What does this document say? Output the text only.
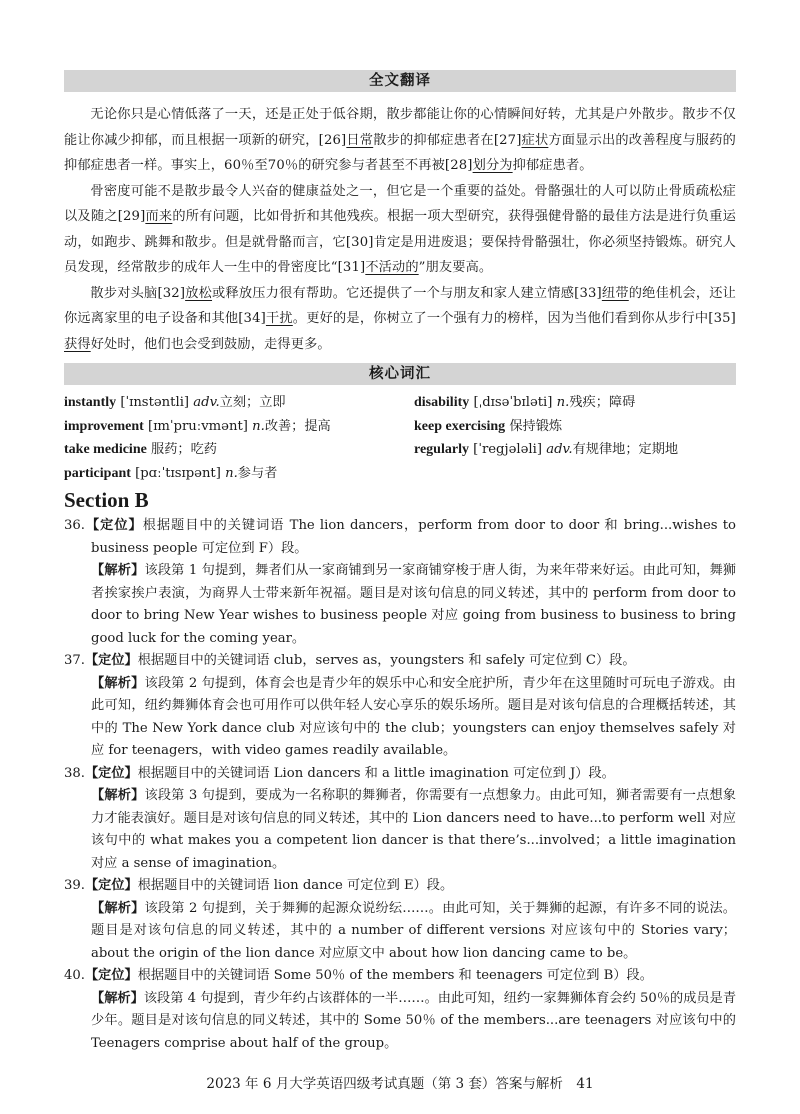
全文翻译

无论你只是心情低落了一天，还是正处于低谷期，散步都能让你的心情瞬间好转，尤其是户外散步。散步不仅能让你减少抑郁，而且根据一项新的研究，[26]日常散步的抑郁症患者在[27]症状方面显示出的改善程度与服药的抑郁症患者一样。事实上，60％至70％的研究参与者甚至不再被[28]划分为抑郁症患者。

骨密度可能不是散步最令人兴奋的健康益处之一，但它是一个重要的益处。骨骼强壮的人可以防止骨质疏松症以及随之[29]而来的所有问题，比如骨折和其他残疾。根据一项大型研究，获得强健骨骼的最佳方法是进行负重运动，如跑步、跳舞和散步。但是就骨骼而言，它[30]肯定是用进废退；要保持骨骼强壮，你必须坚持锻炼。研究人员发现，经常散步的成年人一生中的骨密度比“[31]不活动的”朋友要高。

散步对头脑[32]放松或释放压力很有帮助。它还提供了一个与朋友和家人建立情感[33]纽带的绝佳机会，还让你远离家里的电子设备和其他[34]干扰。更好的是，你树立了一个强有力的榜样，因为当他们看到你从步行中[35]获得好处时，他们也会受到鼓励，走得更多。

核心词汇
instantly [ˈɪnstəntli] adv.立刻；立即
improvement [ɪmˈpruːvmənt] n.改善；提高
take medicine 服药；吃药
participant [pɑːˈtɪsɪpənt] n.参与者
disability [ˌdɪsəˈbɪləti] n.残疾；障碍
keep exercising 保持锻炼
regularly [ˈregjələli] adv.有规律地；定期地
Section B
36.【定位】根据题目中的关键词语 The lion dancers，perform from door to door 和 bring...wishes to business people 可定位到 F）段。
【解析】该段第 1 句提到，舞者们从一家商铺到另一家商铺穿梭于唐人街，为来年带来好运。由此可知，舞狮者挨家挨户表演，为商界人士带来新年祝福。题目是对该句信息的同义转述，其中的 perform from door to door to bring New Year wishes to business people 对应 going from business to business to bring good luck for the coming year。
37.【定位】根据题目中的关键词语 club，serves as，youngsters 和 safely 可定位到 C）段。
【解析】该段第 2 句提到，体育会也是青少年的娱乐中心和安全庇护所，青少年在这里随时可玩电子游戏。由此可知，纽约舞狮体育会也可用作可以供年轻人安心享乐的娱乐场所。题目是对该句信息的合理概括转述，其中的 The New York dance club 对应该句中的 the club；youngsters can enjoy themselves safely 对应 for teenagers，with video games readily available。
38.【定位】根据题目中的关键词语 Lion dancers 和 a little imagination 可定位到 J）段。
【解析】该段第 3 句提到，要成为一名称职的舞狮者，你需要有一点想象力。由此可知，狮者需要有一点想象力才能表演好。题目是对该句信息的同义转述，其中的 Lion dancers need to have...to perform well 对应该句中的 what makes you a competent lion dancer is that there’s...involved；a little imagination 对应 a sense of imagination。
39.【定位】根据题目中的关键词语 lion dance 可定位到 E）段。
【解析】该段第 2 句提到，关于舞狮的起源众说纷纭……。由此可知，关于舞狮的起源，有许多不同的说法。题目是对该句信息的同义转述，其中的 a number of different versions 对应该句中的 Stories vary；about the origin of the lion dance 对应原文中 about how lion dancing came to be。
40.【定位】根据题目中的关键词语 Some 50％ of the members 和 teenagers 可定位到 B）段。
【解析】该段第 4 句提到，青少年约占该群体的一半……。由此可知，纽约一家舞狮体育会约 50％的成员是青少年。题目是对该句信息的同义转述，其中的 Some 50％ of the members...are teenagers 对应该句中的 Teenagers comprise about half of the group。
2023 年 6 月大学英语四级考试真题（第 3 套）答案与解析　41
